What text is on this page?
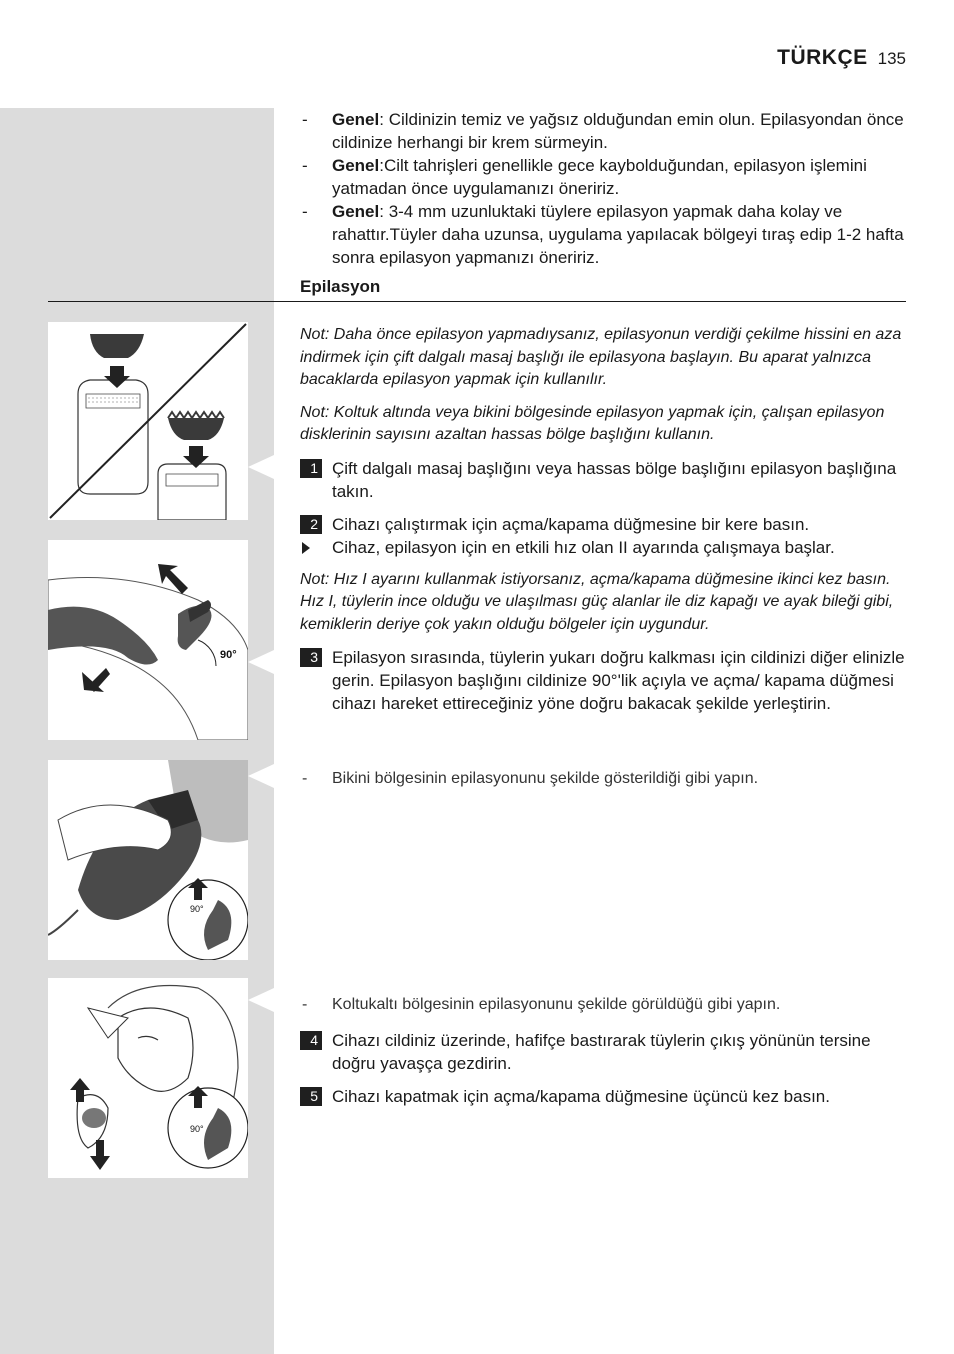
TÜRKÇE 135
- Genel: Cildinizin temiz ve yağsız olduğundan emin olun. Epilasyondan önce cildinize herhangi bir krem sürmeyin.
- Genel:Cilt tahrişleri genellikle gece kaybolduğundan, epilasyon işlemini yatmadan önce uygulamanızı öneririz.
- Genel: 3-4 mm uzunluktaki tüylere epilasyon yapmak daha kolay ve rahattır.Tüyler daha uzunsa, uygulama yapılacak bölgeyi tıraş edip 1-2 hafta sonra epilasyon yapmanızı öneririz.
Epilasyon
Not: Daha önce epilasyon yapmadıysanız, epilasyonun verdiği çekilme hissini en aza indirmek için çift dalgalı masaj başlığı ile epilasyona başlayın. Bu aparat yalnızca bacaklarda epilasyon yapmak için kullanılır.
Not: Koltuk altında veya bikini bölgesinde epilasyon yapmak için, çalışan epilasyon disklerinin sayısını azaltan hassas bölge başlığını kullanın.
1 Çift dalgalı masaj başlığını veya hassas bölge başlığını epilasyon başlığına takın.
2 Cihazı çalıştırmak için açma/kapama düğmesine bir kere basın.
Cihaz, epilasyon için en etkili hız olan II ayarında çalışmaya başlar.
Not: Hız I ayarını kullanmak istiyorsanız, açma/kapama düğmesine ikinci kez basın. Hız I, tüylerin ince olduğu ve ulaşılması güç alanlar ile diz kapağı ve ayak bileği gibi, kemiklerin deriye çok yakın olduğu bölgeler için uygundur.
3 Epilasyon sırasında, tüylerin yukarı doğru kalkması için cildinizi diğer elinizle gerin. Epilasyon başlığını cildinize 90°'lik açıyla ve açma/ kapama düğmesi cihazı hareket ettireceğiniz yöne doğru bakacak şekilde yerleştirin.
- Bikini bölgesinin epilasyonunu şekilde gösterildiği gibi yapın.
- Koltukaltı bölgesinin epilasyonunu şekilde görüldüğü gibi yapın.
4 Cihazı cildiniz üzerinde, hafifçe bastırarak tüylerin çıkış yönünün tersine doğru yavaşça gezdirin.
5 Cihazı kapatmak için açma/kapama düğmesine üçüncü kez basın.
90°
90°
90°
